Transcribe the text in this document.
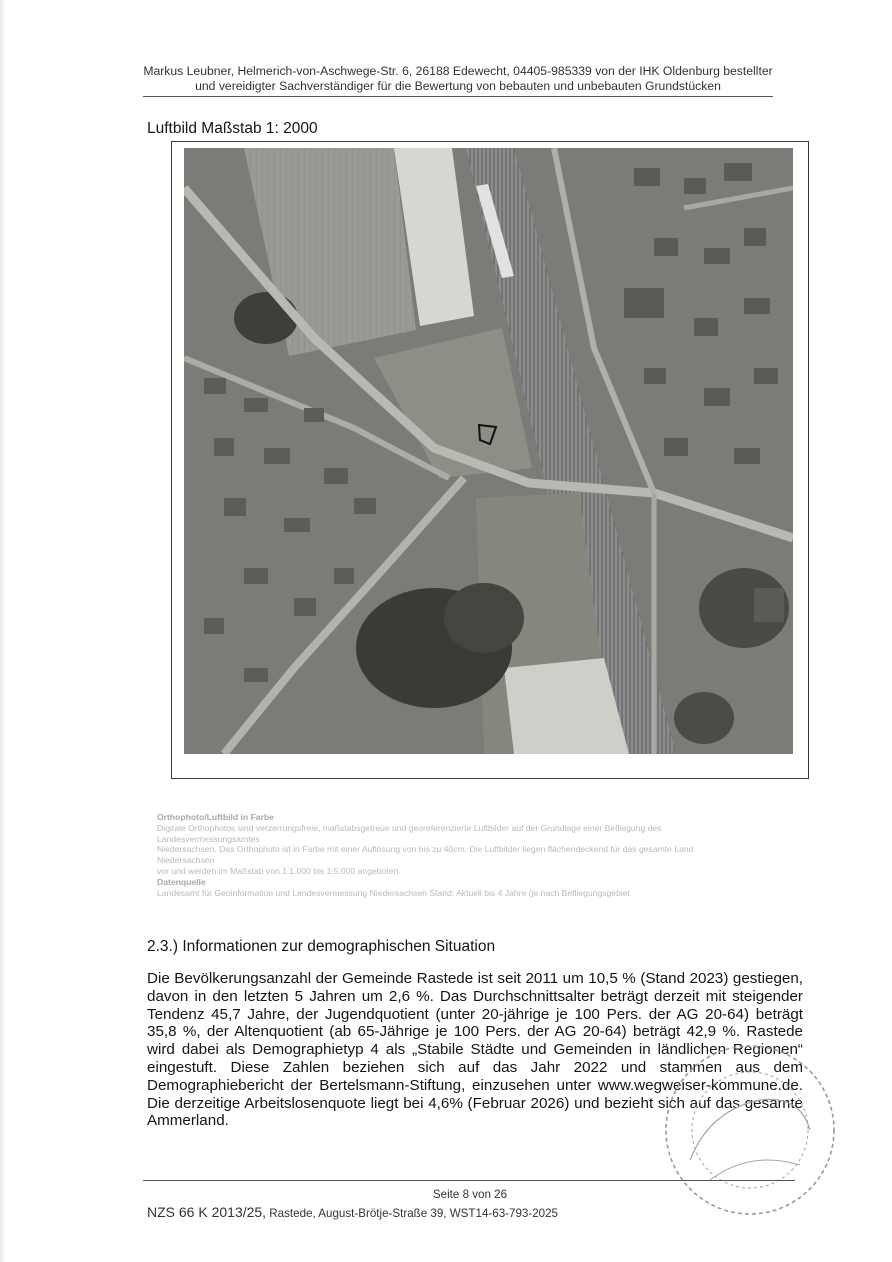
Markus Leubner, Helmerich-von-Aschwege-Str. 6, 26188 Edewecht, 04405-985339 von der IHK Oldenburg bestellter
und vereidigter Sachverständiger für die Bewertung von bebauten und unbebauten Grundstücken
Luftbild Maßstab 1: 2000
Orthophoto/Luftbild in Farbe
Digitale Orthophotos sind verzerrungsfreie, maßstabsgetreue und georeferenzierte Luftbilder auf der Grundlage einer Befliegung des
Landesvermessungsamtes
Niedersachsen. Das Orthophoto ist in Farbe mit einer Auflösung von bis zu 40cm. Die Luftbilder liegen flächendeckend für das gesamte Land
Niedersachsen
vor und werden im Maßstab von 1:1.000 bis 1:5.000 angeboten.
Datenquelle
Landesamt für Geoinformation und Landesvermessung Niedersachsen Stand: Aktuell bis 4 Jahre (je nach Befliegungsgebiet
2.3.) Informationen zur demographischen Situation
Die Bevölkerungsanzahl der Gemeinde Rastede ist seit 2011 um 10,5 % (Stand 2023) gestiegen, davon in den letzten 5 Jahren um 2,6 %. Das Durchschnittsalter beträgt derzeit mit steigender Tendenz 45,7 Jahre, der Jugendquotient (unter 20-jährige je 100 Pers. der AG 20-64) beträgt 35,8 %, der Altenquotient (ab 65-Jährige je 100 Pers. der AG 20-64) beträgt 42,9 %. Rastede wird dabei als Demographietyp 4 als „Stabile Städte und Gemeinden in ländlichen Regionen“ eingestuft. Diese Zahlen beziehen sich auf das Jahr 2022 und stammen aus dem Demographiebericht der Bertelsmann-Stiftung, einzusehen unter www.wegweiser-kommune.de. Die derzeitige Arbeitslosenquote liegt bei 4,6% (Februar 2026) und bezieht sich auf das gesamte Ammerland.
Seite 8 von 26
NZS 66 K 2013/25, Rastede, August-Brötje-Straße 39, WST14-63-793-2025
